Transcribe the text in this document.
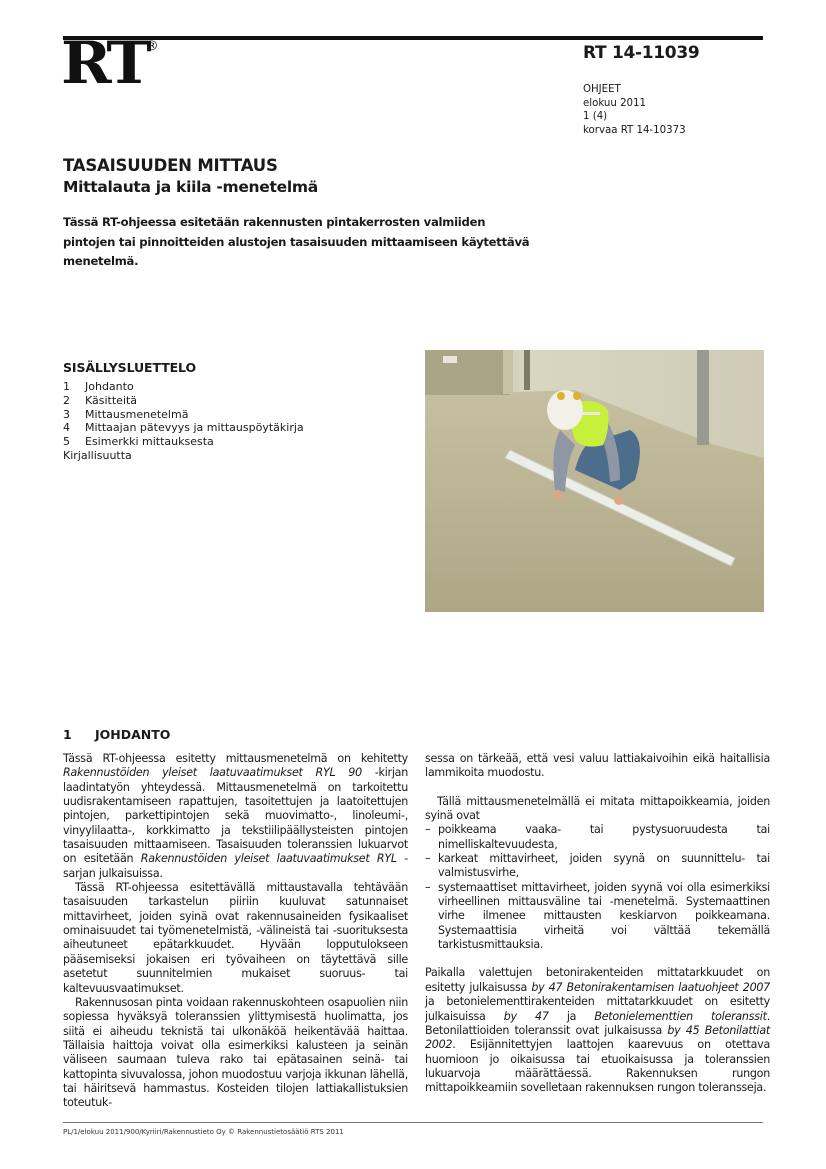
RT
®	RT 14-11039
OHJEET
elokuu 2011
1 (4)
korvaa RT 14-10373
TASAISUUDEN MITTAUS
Mittalauta ja kiila -menetelmä
Tässä RT-ohjeessa esitetään rakennusten pintakerrosten valmiiden pintojen tai pinnoitteiden alustojen tasaisuuden mittaamiseen käytettävä menetelmä.
SISÄLLYSLUETTELO
1 Johdanto
2 Käsitteitä
3 Mittausmenetelmä
4 Mittaajan pätevyys ja mittauspöytäkirja
5 Esimerkki mittauksesta
Kirjallisuutta
1 JOHDANTO

Tässä RT-ohjeessa esitetty mittausmenetelmä on kehitetty Rakennustöiden yleiset laatuvaatimukset RYL 90 -kirjan laadintatyön yhteydessä. Mittausmenetelmä on tarkoitettu uudisrakentamiseen rapattujen, tasoitettujen ja laatoitettujen pintojen, parkettipintojen sekä muovimatto-, linoleumi-, vinyylilaatta-, korkkimatto ja tekstiilipäällysteisten pintojen tasaisuuden mittaamiseen. Tasaisuuden toleranssien lukuarvot on esitetään Rakennustöiden yleiset laatuvaatimukset RYL -sarjan julkaisuissa.

Tässä RT-ohjeessa esitettävällä mittaustavalla tehtävään tasaisuuden tarkastelun piiriin kuuluvat satunnaiset mittavirheet, joiden syinä ovat rakennusaineiden fysikaaliset ominaisuudet tai työmenetelmistä, -välineistä tai -suorituksesta aiheutuneet epätarkkuudet. Hyvään lopputulokseen pääsemiseksi jokaisen eri työvaiheen on täytettävä sille asetetut suunnitelmien mukaiset suoruus- tai kaltevuusvaatimukset.

Rakennusosan pinta voidaan rakennuskohteen osapuolien niin sopiessa hyväksyä toleranssien ylittymisestä huolimatta, jos siitä ei aiheudu teknistä tai ulkonäköä heikentävää haittaa. Tällaisia haittoja voivat olla esimerkiksi kalusteen ja seinän väliseen saumaan tuleva rako tai epätasainen seinä- tai kattopinta sivuvalossa, johon muodostuu varjoja ikkunan lähellä, tai häiritsevä hammastus. Kosteiden tilojen lattiakallistuksien toteutuk-

sessa on tärkeää, että vesi valuu lattiakaivoihin eikä haitallisia lammikoita muodostu.

Tällä mittausmenetelmällä ei mitata mittapoikkeamia, joiden syinä ovat

– poikkeama vaaka- tai pystysuoruudesta tai nimelliskaltevuudesta,
– karkeat mittavirheet, joiden syynä on suunnittelu- tai valmistusvirhe,
– systemaattiset mittavirheet, joiden syynä voi olla esimerkiksi virheellinen mittausväline tai -menetelmä. Systemaattinen virhe ilmenee mittausten keskiarvon poikkeamana. Systemaattisia virheitä voi välttää tekemällä tarkistusmittauksia.

Paikalla valettujen betonirakenteiden mittatarkkuudet on esitetty julkaisussa by 47 Betonirakentamisen laatuohjeet 2007 ja betonielementtirakenteiden mittatarkkuudet on esitetty julkaisuissa by 47 ja Betonielementtien toleranssit. Betonilattioiden toleranssit ovat julkaisussa by 45 Betonilattiat 2002. Esijännitettyjen laattojen kaarevuus on otettava huomioon jo oikaisussa tai etuoikaisussa ja toleranssien lukuarvoja määrättäessä. Rakennuksen rungon mittapoikkeamiin sovelletaan rakennuksen rungon toleransseja.

PL/1/elokuu 2011/900/Kyriiri/Rakennustieto Oy © Rakennustietosäätiö RTS 2011
